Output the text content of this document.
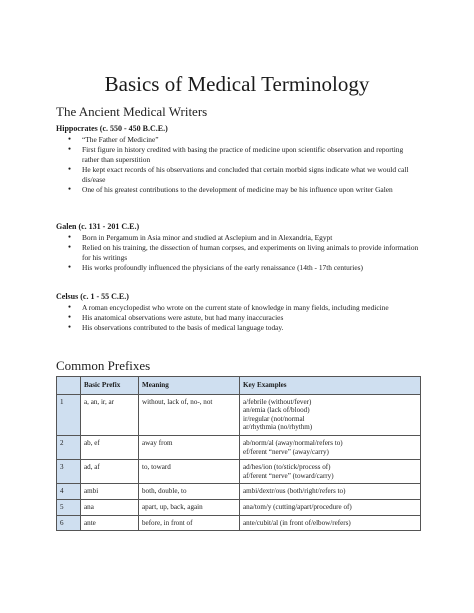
Basics of Medical Terminology
The Ancient Medical Writers

Hippocrates (c. 550 - 450 B.C.E.)

● “The Father of Medicine”
● First figure in history credited with basing the practice of medicine upon scientific observation and reporting rather than superstition
● He kept exact records of his observations and concluded that certain morbid signs indicate what we would call dis/ease
● One of his greatest contributions to the development of medicine may be his influence upon writer Galen

Galen (c. 131 - 201 C.E.)

● Born in Pergamum in Asia minor and studied at Asclepium and in Alexandria, Egypt
● Relied on his training, the dissection of human corpses, and experiments on living animals to provide information for his writings
● His works profoundly influenced the physicians of the early renaissance (14th - 17th centuries)

Celsus (c. 1 - 55 C.E.)

● A roman encyclopedist who wrote on the current state of knowledge in many fields, including medicine
● His anatomical observations were astute, but had many inaccuracies
● His observations contributed to the basis of medical language today.
Common Prefixes
	Basic Prefix	Meaning	Key Examples
1	a, an, ir, ar	without, lack of, no-, not	a/febrile (without/fever)
an/emia (lack of/blood)
ir/regular (not/normal
ar/rhythmia (no/rhythm)

2	ab, ef	away from	ab/norm/al (away/normal/refers to)
ef/ferent “nerve” (away/carry)

3	ad, af	to, toward	ad/hes/ion (to/stick/process of)
af/ferent “nerve” (toward/carry)

4	ambi	both, double, to	ambi/dextr/ous (both/right/refers to)

5	ana	apart, up, back, again	ana/tom/y (cutting/apart/procedure of)

6	ante	before, in front of	ante/cubit/al (in front of/elbow/refers)
